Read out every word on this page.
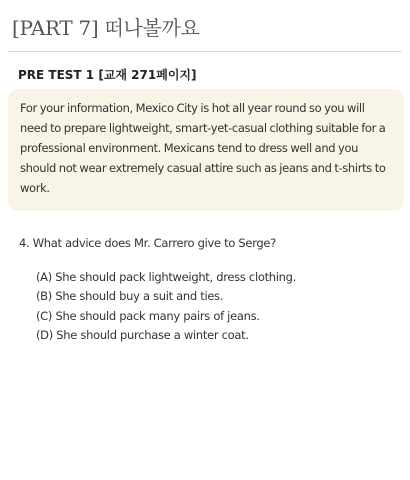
[PART 7] 떠나볼까요
PRE TEST 1 [교재 271페이지]
For your information, Mexico City is hot all year round so you will need to prepare lightweight, smart-yet-casual clothing suitable for a professional environment. Mexicans tend to dress well and you should not wear extremely casual attire such as jeans and t-shirts to work.
4. What advice does Mr. Carrero give to Serge?
(A) She should pack lightweight, dress clothing.
(B) She should buy a suit and ties.
(C) She should pack many pairs of jeans.
(D) She should purchase a winter coat.
